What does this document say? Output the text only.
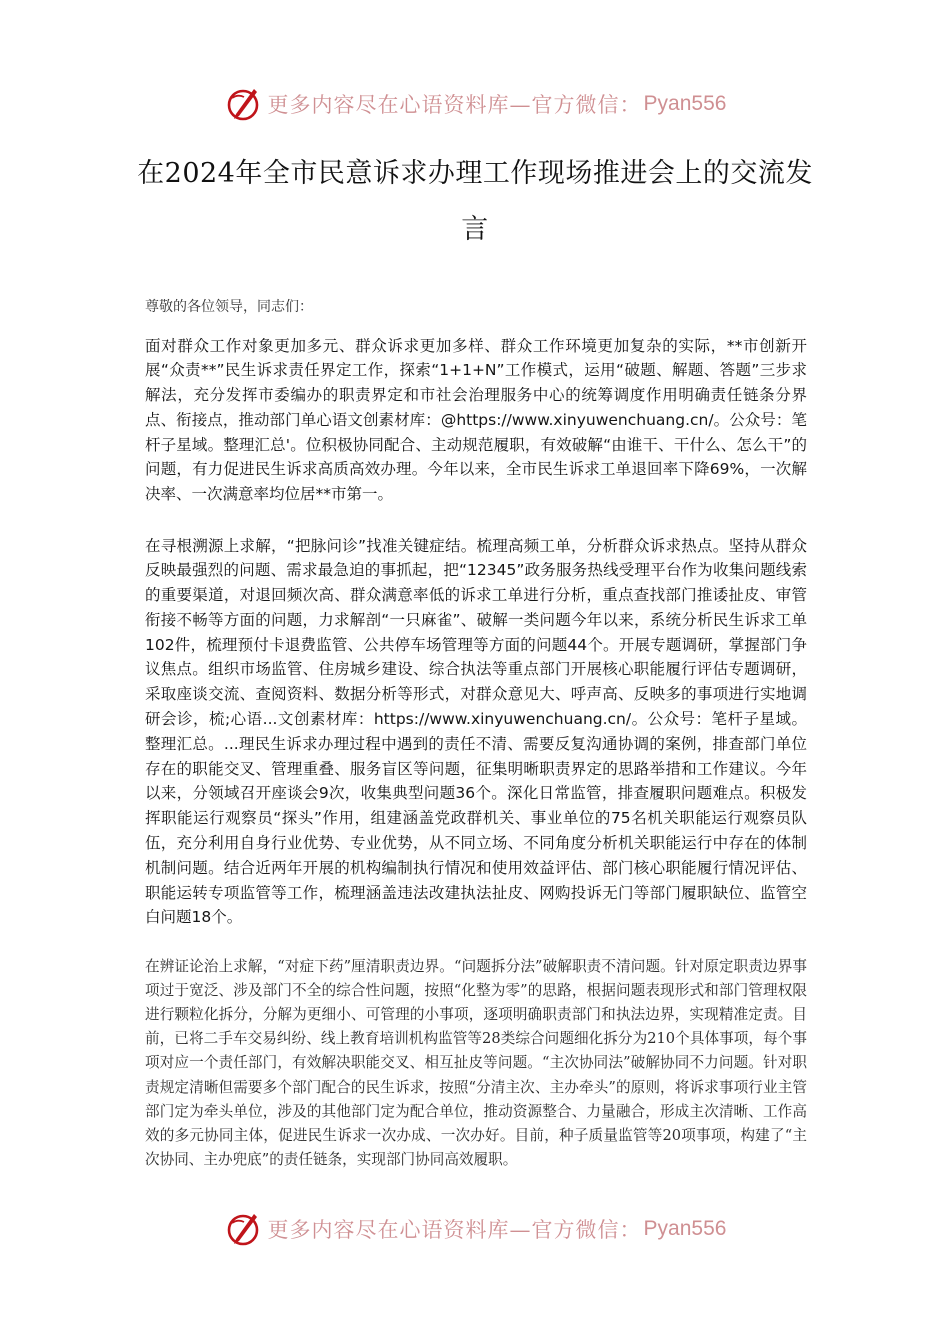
更多内容尽在心语资料库—官方微信： Pyan556
在2024年全市民意诉求办理工作现场推进会上的交流发言
尊敬的各位领导，同志们：

面对群众工作对象更加多元、群众诉求更加多样、群众工作环境更加复杂的实际，**市创新开展“众责**”民生诉求责任界定工作，探索“1+1+N”工作模式，运用“破题、解题、答题”三步求解法，充分发挥市委编办的职责界定和市社会治理服务中心的统筹调度作用明确责任链条分界点、衔接点，推动部门单心语文创素材库：@https://www.xinyuwenchuang.cn/。公众号：笔杆子星域。整理汇总'。位积极协同配合、主动规范履职，有效破解“由谁干、干什么、怎么干”的问题，有力促进民生诉求高质高效办理。今年以来，全市民生诉求工单退回率下降69%，一次解决率、一次满意率均位居**市第一。

在寻根溯源上求解，“把脉问诊”找准关键症结。梳理高频工单，分析群众诉求热点。坚持从群众反映最强烈的问题、需求最急迫的事抓起，把“12345”政务服务热线受理平台作为收集问题线索的重要渠道，对退回频次高、群众满意率低的诉求工单进行分析，重点查找部门推诿扯皮、审管衔接不畅等方面的问题，力求解剖“一只麻雀”、破解一类问题今年以来，系统分析民生诉求工单102件，梳理预付卡退费监管、公共停车场管理等方面的问题44个。开展专题调研，掌握部门争议焦点。组织市场监管、住房城乡建设、综合执法等重点部门开展核心职能履行评估专题调研，采取座谈交流、查阅资料、数据分析等形式，对群众意见大、呼声高、反映多的事项进行实地调研会诊，梳;心语...文创素材库：https://www.xinyuwenchuang.cn/。公众号：笔杆子星域。整理汇总。...理民生诉求办理过程中遇到的责任不清、需要反复沟通协调的案例，排查部门单位存在的职能交叉、管理重叠、服务盲区等问题，征集明晰职责界定的思路举措和工作建议。今年以来，分领域召开座谈会9次，收集典型问题36个。深化日常监管，排查履职问题难点。积极发挥职能运行观察员“探头”作用，组建涵盖党政群机关、事业单位的75名机关职能运行观察员队伍，充分利用自身行业优势、专业优势，从不同立场、不同角度分析机关职能运行中存在的体制机制问题。结合近两年开展的机构编制执行情况和使用效益评估、部门核心职能履行情况评估、职能运转专项监管等工作，梳理涵盖违法改建执法扯皮、网购投诉无门等部门履职缺位、监管空白问题18个。

在辨证论治上求解，“对症下药”厘清职责边界。“问题拆分法”破解职责不清问题。针对原定职责边界事项过于宽泛、涉及部门不全的综合性问题，按照“化整为零”的思路，根据问题表现形式和部门管理权限进行颗粒化拆分，分解为更细小、可管理的小事项，逐项明确职责部门和执法边界，实现精准定责。目前，已将二手车交易纠纷、线上教育培训机构监管等28类综合问题细化拆分为210个具体事项，每个事项对应一个责任部门，有效解决职能交叉、相互扯皮等问题。“主次协同法”破解协同不力问题。针对职责规定清晰但需要多个部门配合的民生诉求，按照“分清主次、主办牵头”的原则，将诉求事项行业主管部门定为牵头单位，涉及的其他部门定为配合单位，推动资源整合、力量融合，形成主次清晰、工作高效的多元协同主体，促进民生诉求一次办成、一次办好。目前，种子质量监管等20项事项，构建了“主次协同、主办兜底”的责任链条，实现部门协同高效履职。

更多内容尽在心语资料库—官方微信： Pyan556
